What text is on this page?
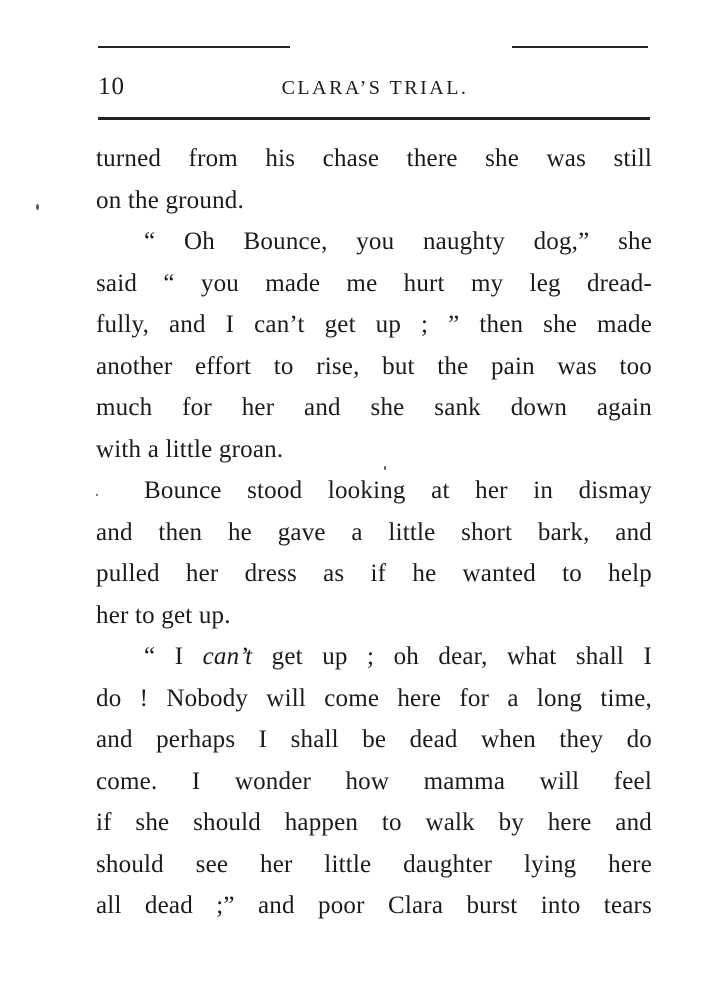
10	CLARA’S TRIAL.
turned from his chase there she was still
on the ground.
“ Oh Bounce, you naughty dog,” she
said “ you made me hurt my leg dread-
fully, and I can’t get up ; ” then she made
another effort to rise, but the pain was too
much for her and she sank down again
with a little groan.
Bounce stood looking at her in dismay
and then he gave a little short bark, and
pulled her dress as if he wanted to help
her to get up.
“ I can’t get up ; oh dear, what shall I
do ! Nobody will come here for a long time,
and perhaps I shall be dead when they do
come. I wonder how mamma will feel
if she should happen to walk by here and
should see her little daughter lying here
all dead ;” and poor Clara burst into tears
